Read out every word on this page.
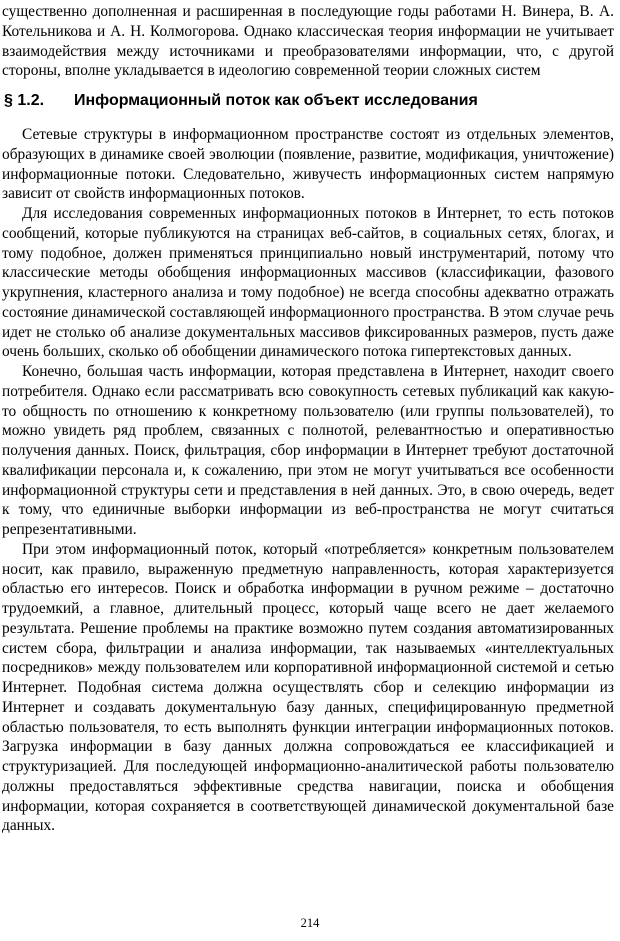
существенно дополненная и расширенная в последующие годы работами Н. Винера, В. А. Котельникова и А. Н. Колмогорова. Однако классическая теория информации не учитывает взаимодействия между источниками и преобразователями информации, что, с другой стороны, вполне укладывается в идеологию современной теории сложных систем

§ 1.2. Информационный поток как объект исследования

Сетевые структуры в информационном пространстве состоят из отдельных элементов, образующих в динамике своей эволюции (появление, развитие, модификация, уничтожение) информационные потоки. Следовательно, живучесть информационных систем напрямую зависит от свойств информационных потоков.

Для исследования современных информационных потоков в Интернет, то есть потоков сообщений, которые публикуются на страницах веб-сайтов, в социальных сетях, блогах, и тому подобное, должен применяться принципиально новый инструментарий, потому что классические методы обобщения информационных массивов (классификации, фазового укрупнения, кластерного анализа и тому подобное) не всегда способны адекватно отражать состояние динамической составляющей информационного пространства. В этом случае речь идет не столько об анализе документальных массивов фиксированных размеров, пусть даже очень больших, сколько об обобщении динамического потока гипертекстовых данных.

Конечно, большая часть информации, которая представлена в Интернет, находит своего потребителя. Однако если рассматривать всю совокупность сетевых публикаций как какую-то общность по отношению к конкретному пользователю (или группы пользователей), то можно увидеть ряд проблем, связанных с полнотой, релевантностью и оперативностью получения данных. Поиск, фильтрация, сбор информации в Интернет требуют достаточной квалификации персонала и, к сожалению, при этом не могут учитываться все особенности информационной структуры сети и представления в ней данных. Это, в свою очередь, ведет к тому, что единичные выборки информации из веб-пространства не могут считаться репрезентативными.

При этом информационный поток, который «потребляется» конкретным пользователем носит, как правило, выраженную предметную направленность, которая характеризуется областью его интересов. Поиск и обработка информации в ручном режиме – достаточно трудоемкий, а главное, длительный процесс, который чаще всего не дает желаемого результата. Решение проблемы на практике возможно путем создания автоматизированных систем сбора, фильтрации и анализа информации, так называемых «интеллектуальных посредников» между пользователем или корпоративной информационной системой и сетью Интернет. Подобная система должна осуществлять сбор и селекцию информации из Интернет и создавать документальную базу данных, специфицированную предметной областью пользователя, то есть выполнять функции интеграции информационных потоков. Загрузка информации в базу данных должна сопровождаться ее классификацией и структуризацией. Для последующей информационно-аналитической работы пользователю должны предоставляться эффективные средства навигации, поиска и обобщения информации, которая сохраняется в соответствующей динамической документальной базе данных.

214
